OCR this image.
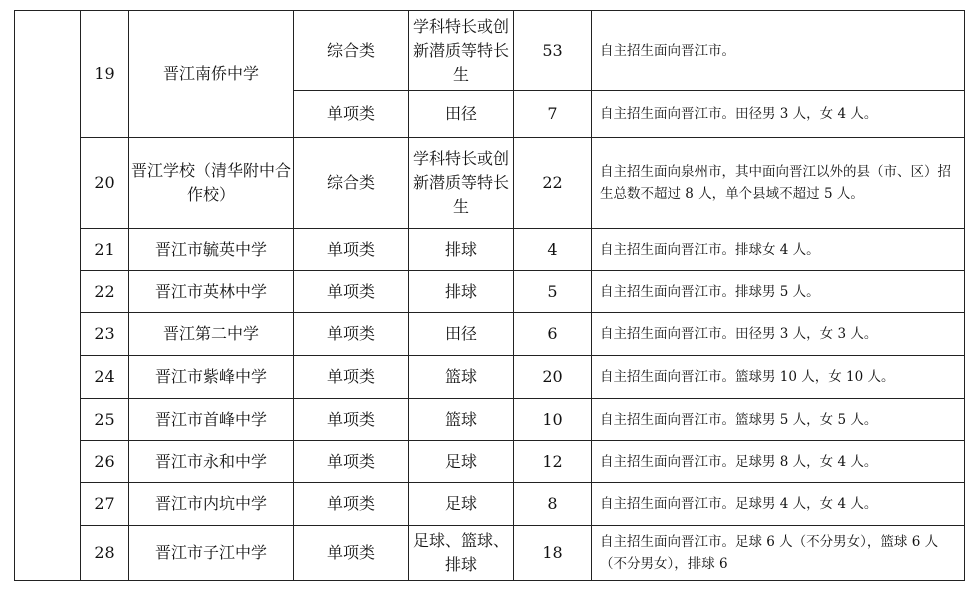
	19	晋江南侨中学	综合类	学科特长或创新潜质等特长生	53	自主招生面向晋江市。
			单项类	田径	7	自主招生面向晋江市。田径男 3 人，女 4 人。
	20	晋江学校（清华附中合作校）	综合类	学科特长或创新潜质等特长生	22	自主招生面向泉州市，其中面向晋江以外的县（市、区）招生总数不超过 8 人，单个县域不超过 5 人。
	21	晋江市毓英中学	单项类	排球	4	自主招生面向晋江市。排球女 4 人。
	22	晋江市英林中学	单项类	排球	5	自主招生面向晋江市。排球男 5 人。
	23	晋江第二中学	单项类	田径	6	自主招生面向晋江市。田径男 3 人，女 3 人。
	24	晋江市紫峰中学	单项类	篮球	20	自主招生面向晋江市。篮球男 10 人，女 10 人。
	25	晋江市首峰中学	单项类	篮球	10	自主招生面向晋江市。篮球男 5 人，女 5 人。
	26	晋江市永和中学	单项类	足球	12	自主招生面向晋江市。足球男 8 人，女 4 人。
	27	晋江市内坑中学	单项类	足球	8	自主招生面向晋江市。足球男 4 人，女 4 人。
	28	晋江市子江中学	单项类	足球、篮球、排球	18	自主招生面向晋江市。足球 6 人（不分男女），篮球 6 人（不分男女），排球 6
